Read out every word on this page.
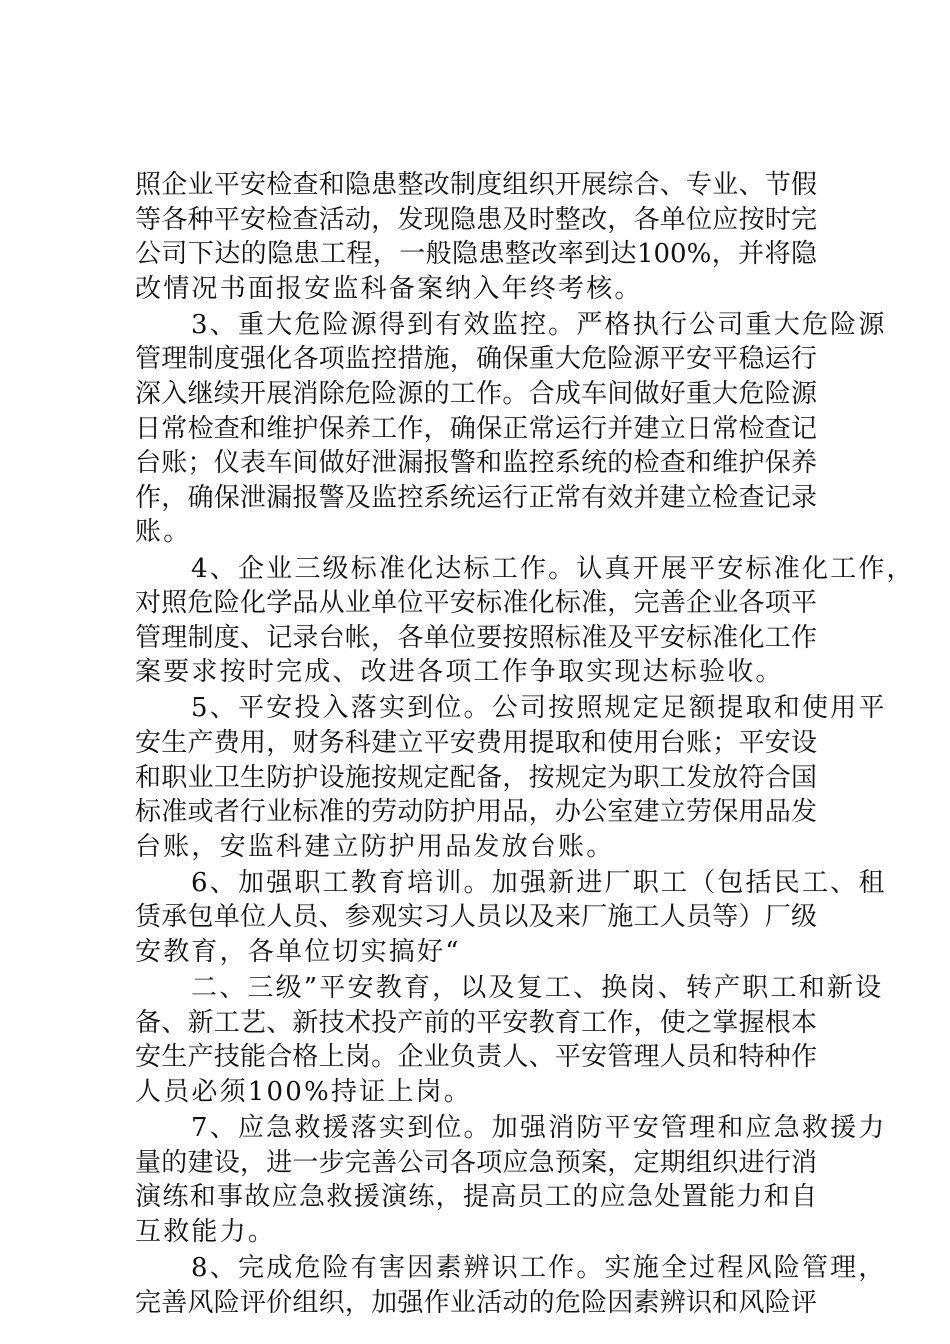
照企业平安检查和隐患整改制度组织开展综合、专业、节假
等各种平安检查活动，发现隐患及时整改，各单位应按时完
公司下达的隐患工程，一般隐患整改率到达100%，并将隐
改情况书面报安监科备案纳入年终考核。
3、重大危险源得到有效监控。严格执行公司重大危险源
管理制度强化各项监控措施，确保重大危险源平安平稳运行
深入继续开展消除危险源的工作。合成车间做好重大危险源
日常检查和维护保养工作，确保正常运行并建立日常检查记
台账；仪表车间做好泄漏报警和监控系统的检查和维护保养
作，确保泄漏报警及监控系统运行正常有效并建立检查记录
账。
4、企业三级标准化达标工作。认真开展平安标准化工作，
对照危险化学品从业单位平安标准化标准，完善企业各项平
管理制度、记录台帐，各单位要按照标准及平安标准化工作
案要求按时完成、改进各项工作争取实现达标验收。
5、平安投入落实到位。公司按照规定足额提取和使用平
安生产费用，财务科建立平安费用提取和使用台账；平安设
和职业卫生防护设施按规定配备，按规定为职工发放符合国
标准或者行业标准的劳动防护用品，办公室建立劳保用品发
台账，安监科建立防护用品发放台账。
6、加强职工教育培训。加强新进厂职工（包括民工、租
赁承包单位人员、参观实习人员以及来厂施工人员等）厂级
安教育，各单位切实搞好“
二、三级”平安教育，以及复工、换岗、转产职工和新设
备、新工艺、新技术投产前的平安教育工作，使之掌握根本
安生产技能合格上岗。企业负责人、平安管理人员和特种作
人员必须100%持证上岗。
7、应急救援落实到位。加强消防平安管理和应急救援力
量的建设，进一步完善公司各项应急预案，定期组织进行消
演练和事故应急救援演练，提高员工的应急处置能力和自
互救能力。
8、完成危险有害因素辨识工作。实施全过程风险管理，
完善风险评价组织，加强作业活动的危险因素辨识和风险评
